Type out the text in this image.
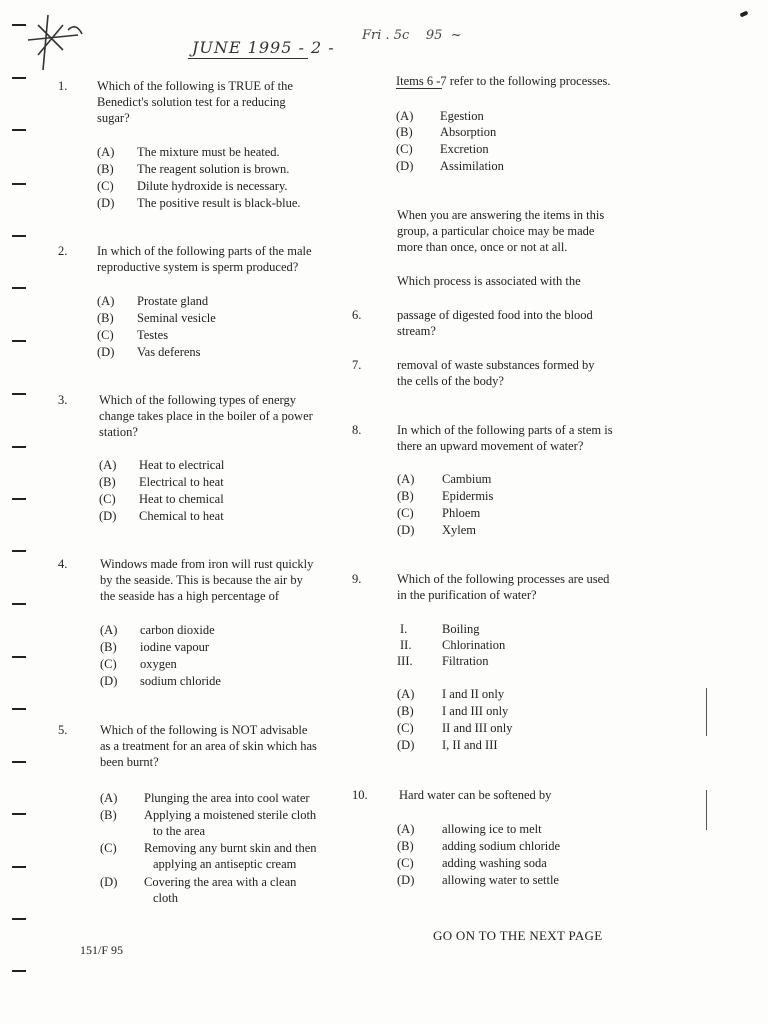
JUNE 1995 - 2 -
Fri . 5c    95  ~
1. Which of the following is TRUE of the
Benedict's solution test for a reducing
sugar?
(A) The mixture must be heated.
(B) The reagent solution is brown.
(C) Dilute hydroxide is necessary.
(D) The positive result is black-blue.
2. In which of the following parts of the male
reproductive system is sperm produced?
(A) Prostate gland
(B) Seminal vesicle
(C) Testes
(D) Vas deferens
3.	Which of the following types of energy
change takes place in the boiler of a power
station?
(A) Heat to electrical
(B) Electrical to heat
(C) Heat to chemical
(D) Chemical to heat
4.	Windows made from iron will rust quickly
by the seaside. This is because the air by
the seaside has a high percentage of
(A) carbon dioxide
(B) iodine vapour
(C) oxygen
(D) sodium chloride
5.	Which of the following is NOT advisable
as a treatment for an area of skin which has
been burnt?
(A) Plunging the area into cool water
(B) Applying a moistened sterile cloth
to the area
(C) Removing any burnt skin and then
applying an antiseptic cream
(D) Covering the area with a clean
cloth
Items 6 -7 refer to the following processes.
(A) Egestion
(B) Absorption
(C) Excretion
(D) Assimilation
When you are answering the items in this
group, a particular choice may be made
more than once, once or not at all.
Which process is associated with the
6.	passage of digested food into the blood
stream?
7.	removal of waste substances formed by
the cells of the body?
8.	In which of the following parts of a stem is
there an upward movement of water?
(A) Cambium
(B) Epidermis
(C) Phloem
(D) Xylem
9.	Which of the following processes are used
in the purification of water?
I.	Boiling
II. Chlorination
III. Filtration
(A) I and II only
(B) I and III only
(C) II and III only
(D) I, II and III
10.	Hard water can be softened by
(A) allowing ice to melt
(B) adding sodium chloride
(C) adding washing soda
(D) allowing water to settle
GO ON TO THE NEXT PAGE
151/F 95
